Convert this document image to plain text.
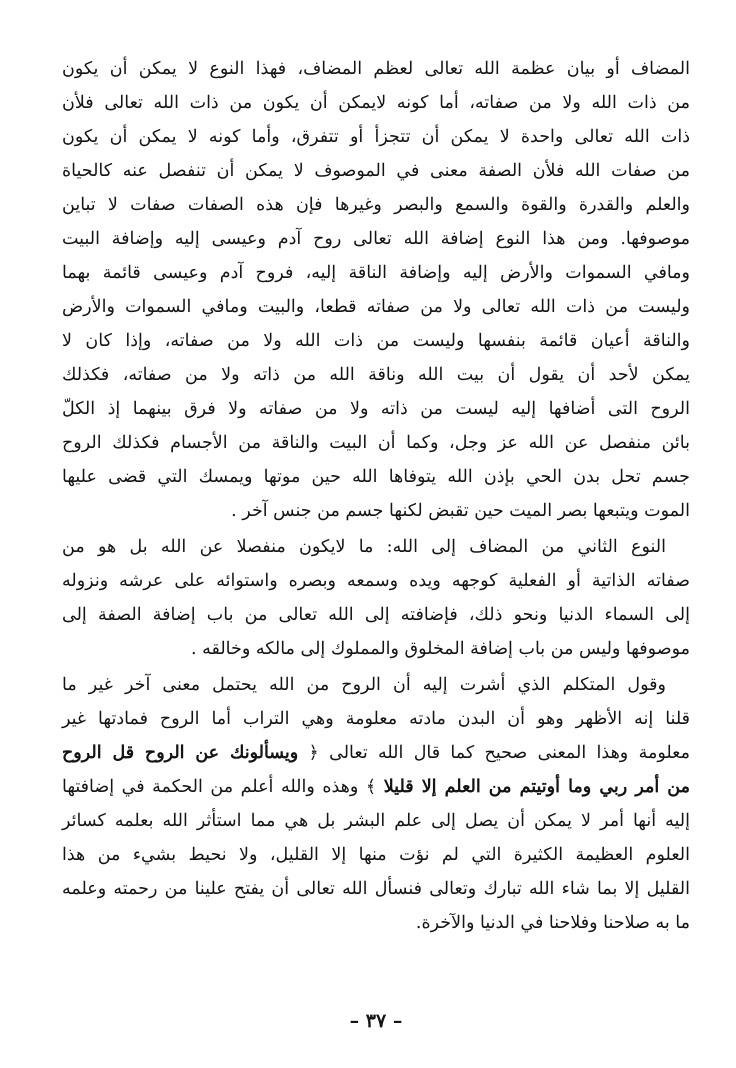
المضاف أو بيان عظمة الله تعالى لعظم المضاف، فهذا النوع لا يمكن أن يكون
من ذات الله ولا من صفاته، أما كونه لايمكن أن يكون من ذات الله تعالى فلأن
ذات الله تعالى واحدة لا يمكن أن تتجزأ أو تتفرق، وأما كونه لا يمكن أن يكون
من صفات الله فلأن الصفة معنى في الموصوف لا يمكن أن تنفصل عنه كالحياة
والعلم والقدرة والقوة والسمع والبصر وغيرها فإن هذه الصفات صفات لا تباين
موصوفها. ومن هذا النوع إضافة الله تعالى روح آدم وعيسى إليه وإضافة البيت
ومافي السموات والأرض إليه وإضافة الناقة إليه، فروح آدم وعيسى قائمة بهما
وليست من ذات الله تعالى ولا من صفاته قطعا، والبيت ومافي السموات والأرض
والناقة أعيان قائمة بنفسها وليست من ذات الله ولا من صفاته، وإذا كان لا
يمكن لأحد أن يقول أن بيت الله وناقة الله من ذاته ولا من صفاته، فكذلك
الروح التى أضافها إليه ليست من ذاته ولا من صفاته ولا فرق بينهما إذ الكلّ
بائن منفصل عن الله عز وجل، وكما أن البيت والناقة من الأجسام فكذلك الروح
جسم تحل بدن الحي بإذن الله يتوفاها الله حين موتها ويمسك التي قضى عليها
الموت ويتبعها بصر الميت حين تقبض لكنها جسم من جنس آخر .
النوع الثاني من المضاف إلى الله: ما لايكون منفصلا عن الله بل هو من
صفاته الذاتية أو الفعلية كوجهه ويده وسمعه وبصره واستوائه على عرشه ونزوله
إلى السماء الدنيا ونحو ذلك، فإضافته إلى الله تعالى من باب إضافة الصفة إلى
موصوفها وليس من باب إضافة المخلوق والمملوك إلى مالكه وخالقه .
وقول المتكلم الذي أشرت إليه أن الروح من الله يحتمل معنى آخر غير ما
قلنا إنه الأظهر وهو أن البدن مادته معلومة وهي التراب أما الروح فمادتها غير
معلومة وهذا المعنى صحيح كما قال الله تعالى ﴿ ويسألونك عن الروح قل الروح
من أمر ربي وما أوتيتم من العلم إلا قليلا ﴾ وهذه والله أعلم من الحكمة في إضافتها
إليه أنها أمر لا يمكن أن يصل إلى علم البشر بل هي مما استأثر الله بعلمه كسائر
العلوم العظيمة الكثيرة التي لم نؤت منها إلا القليل، ولا نحيط بشيء من هذا
القليل إلا بما شاء الله تبارك وتعالى فنسأل الله تعالى أن يفتح علينا من رحمته وعلمه
ما به صلاحنا وفلاحنا في الدنيا والآخرة.
– ٣٧ –
